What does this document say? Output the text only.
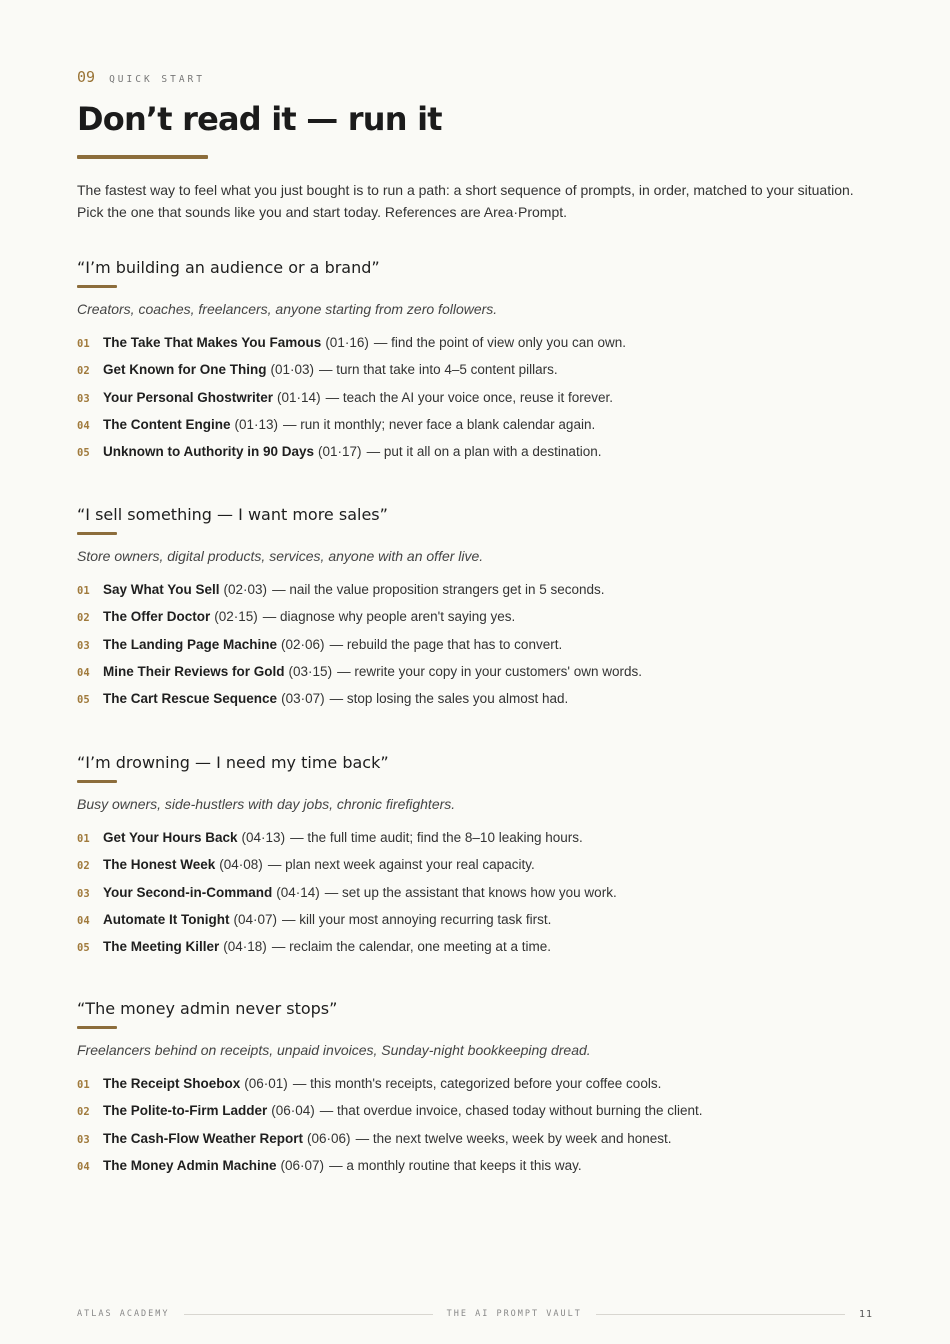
09 QUICK START
Don’t read it — run it

The fastest way to feel what you just bought is to run a path: a short sequence of prompts, in order, matched to your situation. Pick the one that sounds like you and start today. References are Area·Prompt.

“I’m building an audience or a brand”

Creators, coaches, freelancers, anyone starting from zero followers.

01 The Take That Makes You Famous (01·16) — find the point of view only you can own.
02 Get Known for One Thing (01·03) — turn that take into 4–5 content pillars.
03 Your Personal Ghostwriter (01·14) — teach the AI your voice once, reuse it forever.
04 The Content Engine (01·13) — run it monthly; never face a blank calendar again.
05 Unknown to Authority in 90 Days (01·17) — put it all on a plan with a destination.
“I sell something — I want more sales”

Store owners, digital products, services, anyone with an offer live.

01 Say What You Sell (02·03) — nail the value proposition strangers get in 5 seconds.
02 The Offer Doctor (02·15) — diagnose why people aren't saying yes.
03 The Landing Page Machine (02·06) — rebuild the page that has to convert.
04 Mine Their Reviews for Gold (03·15) — rewrite your copy in your customers' own words.
05 The Cart Rescue Sequence (03·07) — stop losing the sales you almost had.
“I’m drowning — I need my time back”

Busy owners, side-hustlers with day jobs, chronic firefighters.

01 Get Your Hours Back (04·13) — the full time audit; find the 8–10 leaking hours.
02 The Honest Week (04·08) — plan next week against your real capacity.
03 Your Second-in-Command (04·14) — set up the assistant that knows how you work.
04 Automate It Tonight (04·07) — kill your most annoying recurring task first.
05 The Meeting Killer (04·18) — reclaim the calendar, one meeting at a time.
“The money admin never stops”

Freelancers behind on receipts, unpaid invoices, Sunday-night bookkeeping dread.

01 The Receipt Shoebox (06·01) — this month's receipts, categorized before your coffee cools.
02 The Polite-to-Firm Ladder (06·04) — that overdue invoice, chased today without burning the client.
03 The Cash-Flow Weather Report (06·06) — the next twelve weeks, week by week and honest.
04 The Money Admin Machine (06·07) — a monthly routine that keeps it this way.
ATLAS ACADEMY	THE AI PROMPT VAULT	11
